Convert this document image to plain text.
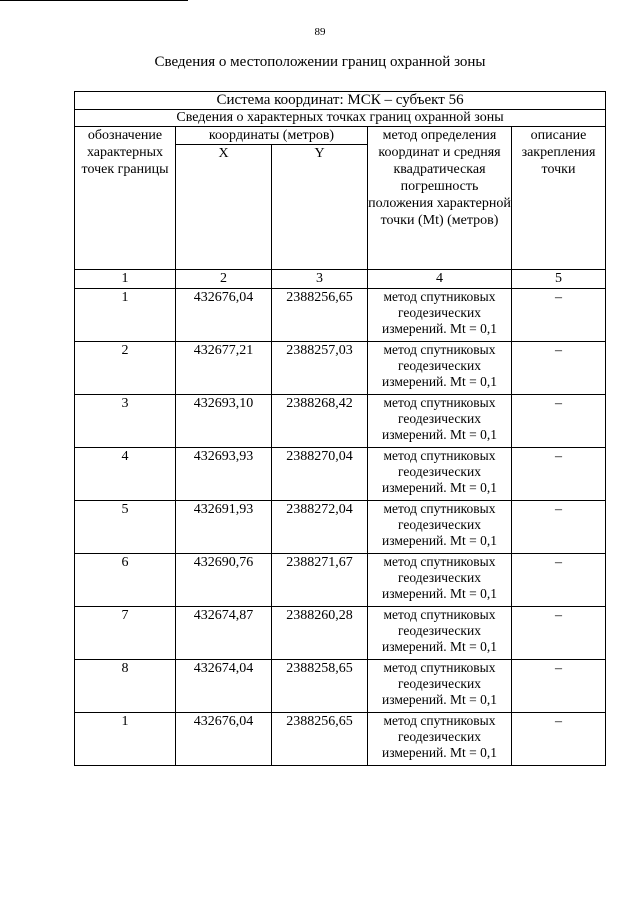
89
Сведения о местоположении границ охранной зоны
Система координат: МСК – субъект 56				
Сведения о характерных точках границ охранной зоны				
обозначение характерных точек границы	координаты (метров)		метод определения координат и средняя квадратическая погрешность положения характерной точки (Mt) (метров)	описание закрепления точки
	X	Y		
1	2	3	4	5
1	432676,04	2388256,65	метод спутниковых геодезических измерений. Mt = 0,1	–
2	432677,21	2388257,03	метод спутниковых геодезических измерений. Mt = 0,1	–
3	432693,10	2388268,42	метод спутниковых геодезических измерений. Mt = 0,1	–
4	432693,93	2388270,04	метод спутниковых геодезических измерений. Mt = 0,1	–
5	432691,93	2388272,04	метод спутниковых геодезических измерений. Mt = 0,1	–
6	432690,76	2388271,67	метод спутниковых геодезических измерений. Mt = 0,1	–
7	432674,87	2388260,28	метод спутниковых геодезических измерений. Mt = 0,1	–
8	432674,04	2388258,65	метод спутниковых геодезических измерений. Mt = 0,1	–
1	432676,04	2388256,65	метод спутниковых геодезических измерений. Mt = 0,1	–
